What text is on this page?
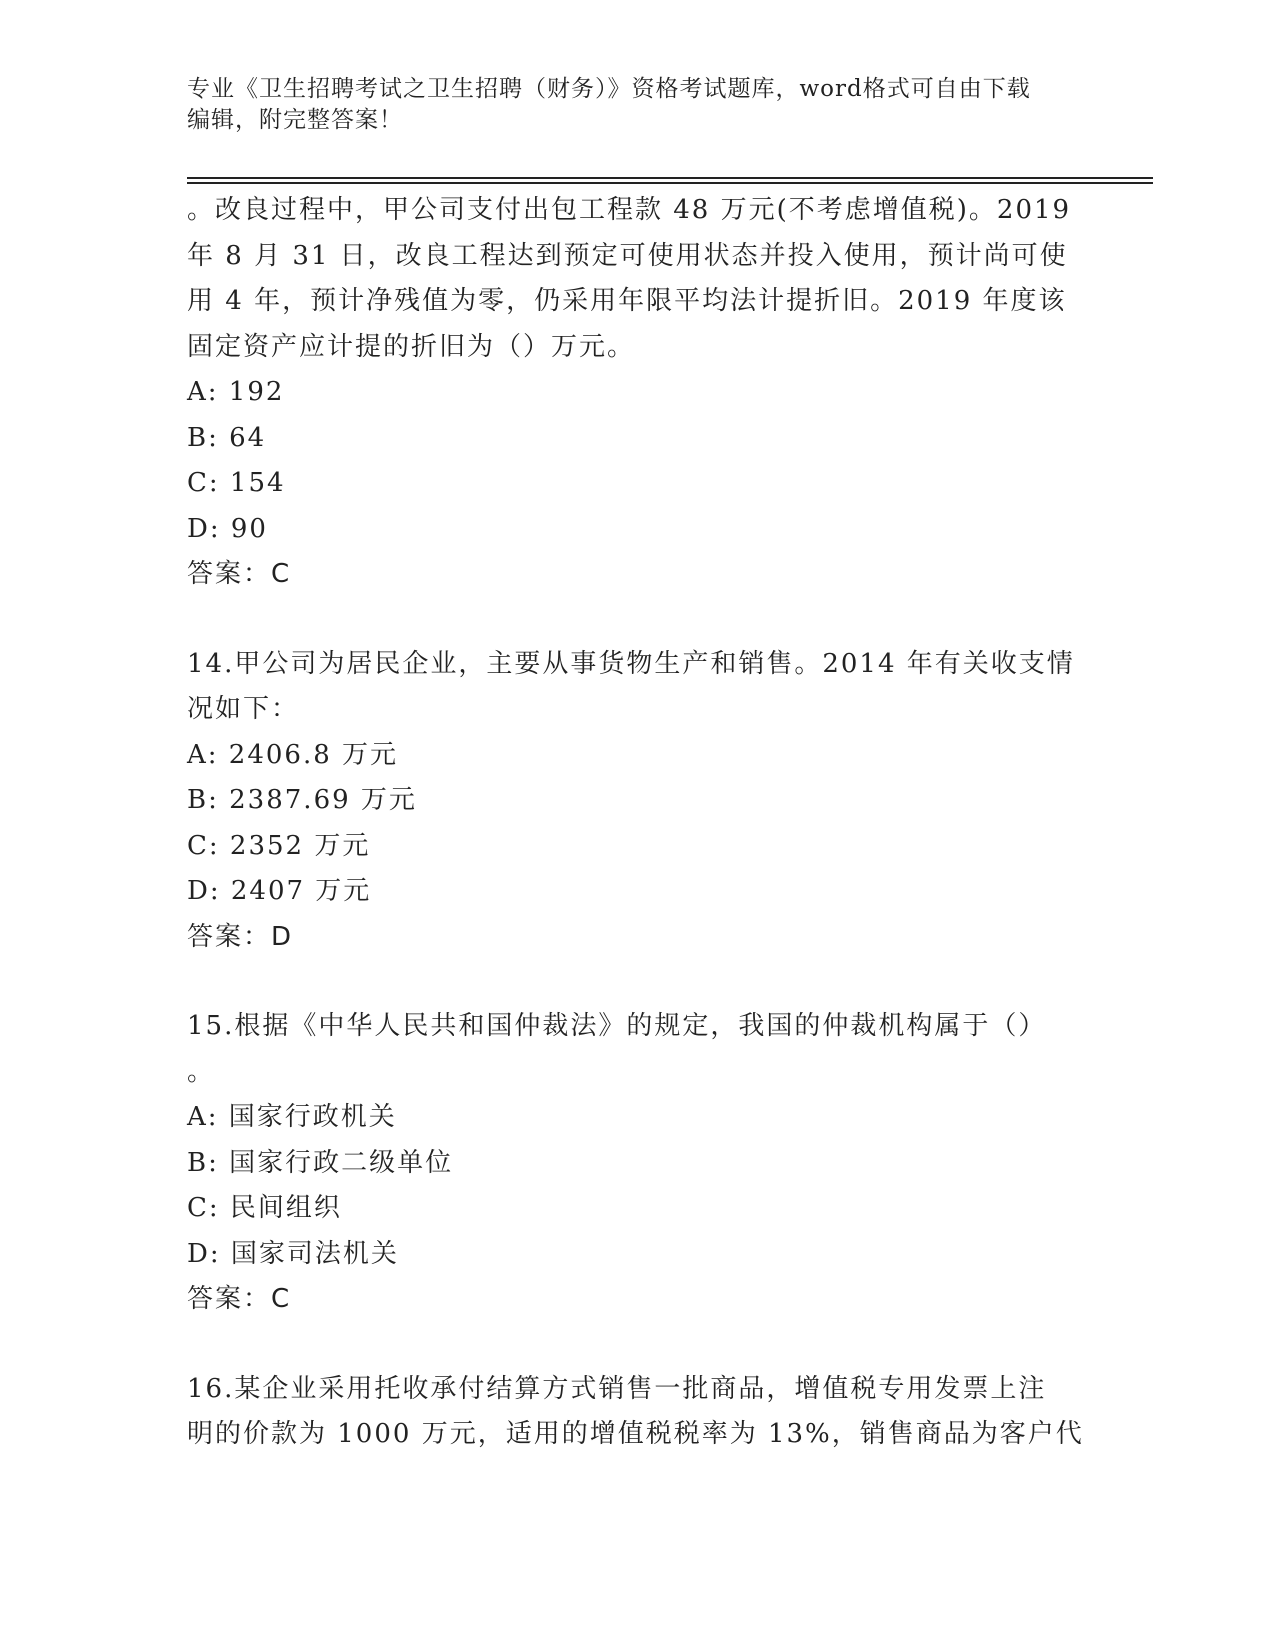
专业《卫生招聘考试之卫生招聘（财务）》资格考试题库，word格式可自由下载
编辑，附完整答案！
。改良过程中，甲公司支付出包工程款 48 万元(不考虑增值税)。2019
年 8 月 31 日，改良工程达到预定可使用状态并投入使用，预计尚可使
用 4 年，预计净残值为零，仍采用年限平均法计提折旧。2019 年度该
固定资产应计提的折旧为（）万元。
A: 192
B: 64
C: 154
D: 90
答案：C
14.甲公司为居民企业，主要从事货物生产和销售。2014 年有关收支情
况如下：
A: 2406.8 万元
B: 2387.69 万元
C: 2352 万元
D: 2407 万元
答案：D
15.根据《中华人民共和国仲裁法》的规定，我国的仲裁机构属于（）
。
A: 国家行政机关
B: 国家行政二级单位
C: 民间组织
D: 国家司法机关
答案：C
16.某企业采用托收承付结算方式销售一批商品，增值税专用发票上注
明的价款为 1000 万元，适用的增值税税率为 13%，销售商品为客户代
